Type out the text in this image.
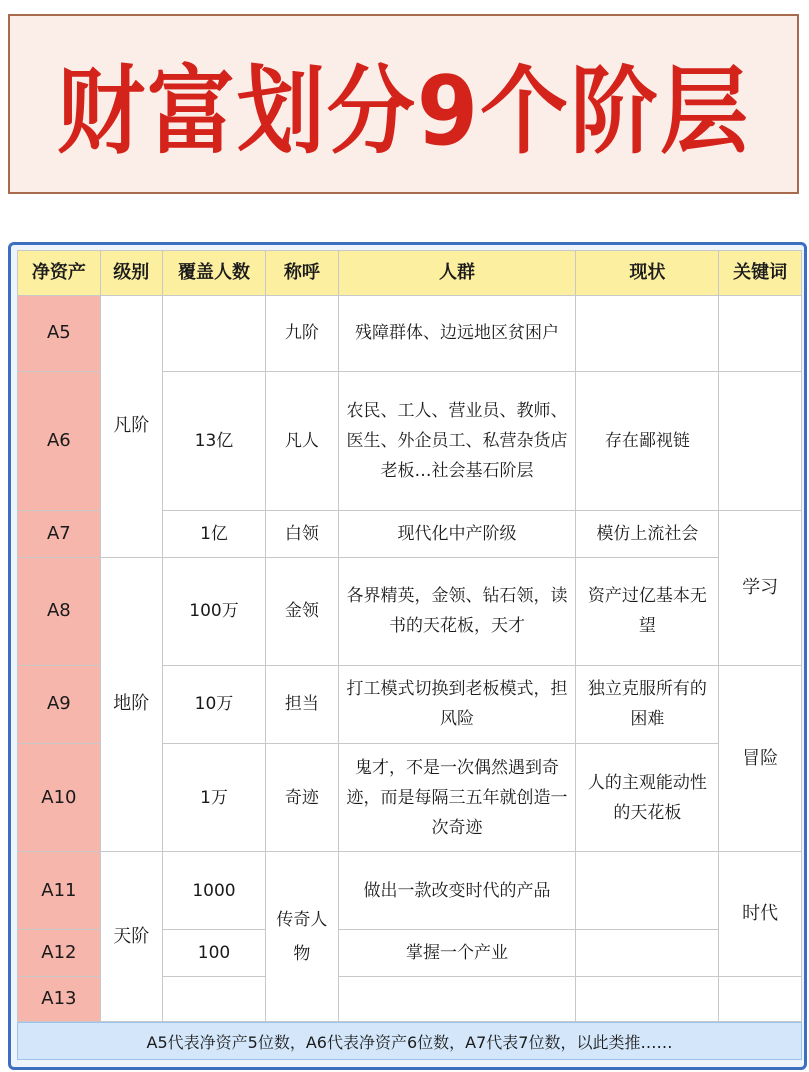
财富划分9个阶层
净资产	级别	覆盖人数	称呼	人群	现状	关键词
A5	凡阶		九阶	残障群体、边远地区贫困户		
A6		13亿	凡人	农民、工人、营业员、教师、医生、外企员工、私营杂货店老板…社会基石阶层	存在鄙视链	
A7		1亿	白领	现代化中产阶级	模仿上流社会	学习
A8	地阶	100万	金领	各界精英，金领、钻石领，读书的天花板，天才	资产过亿基本无望	
A9		10万	担当	打工模式切换到老板模式，担风险	独立克服所有的困难	冒险
A10		1万	奇迹	鬼才，不是一次偶然遇到奇迹，而是每隔三五年就创造一次奇迹	人的主观能动性的天花板	
A11	天阶	1000	传奇人物	做出一款改变时代的产品		时代
A12		100		掌握一个产业		
A13						
A5代表净资产5位数，A6代表净资产6位数，A7代表7位数，以此类推……
